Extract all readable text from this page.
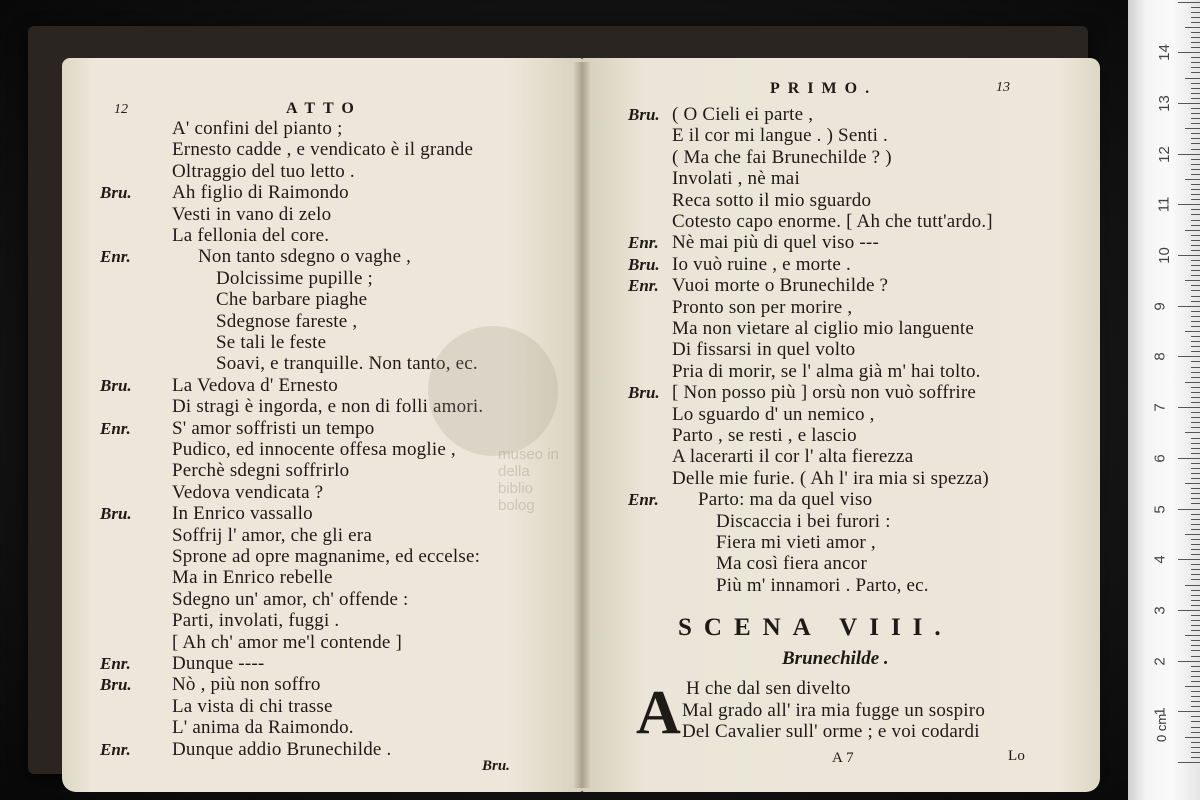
12	ATTO
A' confini del pianto ;
Ernesto cadde , e vendicato è il grande
Oltraggio del tuo letto .
Bru. Ah figlio di Raimondo
Vesti in vano di zelo
La fellonia del core.
Enr.	Non tanto sdegno o vaghe ,
Dolcissime pupille ;
Che barbare piaghe
Sdegnose fareste ,
Se tali le feste
Soavi, e tranquille. Non tanto, ec.
Bru. La Vedova d' Ernesto
Di stragi è ingorda, e non di folli amori.
Enr. S' amor soffristi un tempo
Pudico, ed innocente offesa moglie ,
Perchè sdegni soffrirlo
Vedova vendicata ?
Bru. In Enrico vassallo
Soffrij l' amor, che gli era
Sprone ad opre magnanime, ed eccelse:
Ma in Enrico rebelle
Sdegno un' amor, ch' offende :
Parti, involati, fuggi .
[ Ah ch' amor me'l contende ]
Enr. Dunque ----
Bru. Nò , più non soffro
La vista di chi trasse
L' anima da Raimondo.
Enr. Dunque addio Brunechilde .
Bru.
PRIMO.	13
Bru. ( O Cieli ei parte ,
E il cor mi langue . ) Senti .
( Ma che fai Brunechilde ? )
Involati , nè mai
Reca sotto il mio sguardo
Cotesto capo enorme. [ Ah che tutt'ardo.]
Enr. Nè mai più di quel viso ---
Bru. Io vuò ruine , e morte .
Enr. Vuoi morte o Brunechilde ?
Pronto son per morire ,
Ma non vietare al ciglio mio languente
Di fissarsi in quel volto
Pria di morir, se l' alma già m' hai tolto.
Bru. [ Non posso più ] orsù non vuò soffrire
Lo sguardo d' un nemico ,
Parto , se resti , e lascio
A lacerarti il cor l' alta fierezza
Delle mie furie. ( Ah l' ira mia si spezza)
Enr. Parto: ma da quel viso
Discaccia i bei furori :
Fiera mi vieti amor ,
Ma così fiera ancor
Più m' innamori . Parto, ec.
SCENA VIII.
Brunechilde .
A H che dal sen divelto
Mal grado all' ira mia fugge un sospiro
Del Cavalier sull' orme ; e voi codardi
A 7	Lo
museo in
della
biblio
bolog
0 cm
1
2
3
4
5
6
7
8
9
10
11
12
13
14
